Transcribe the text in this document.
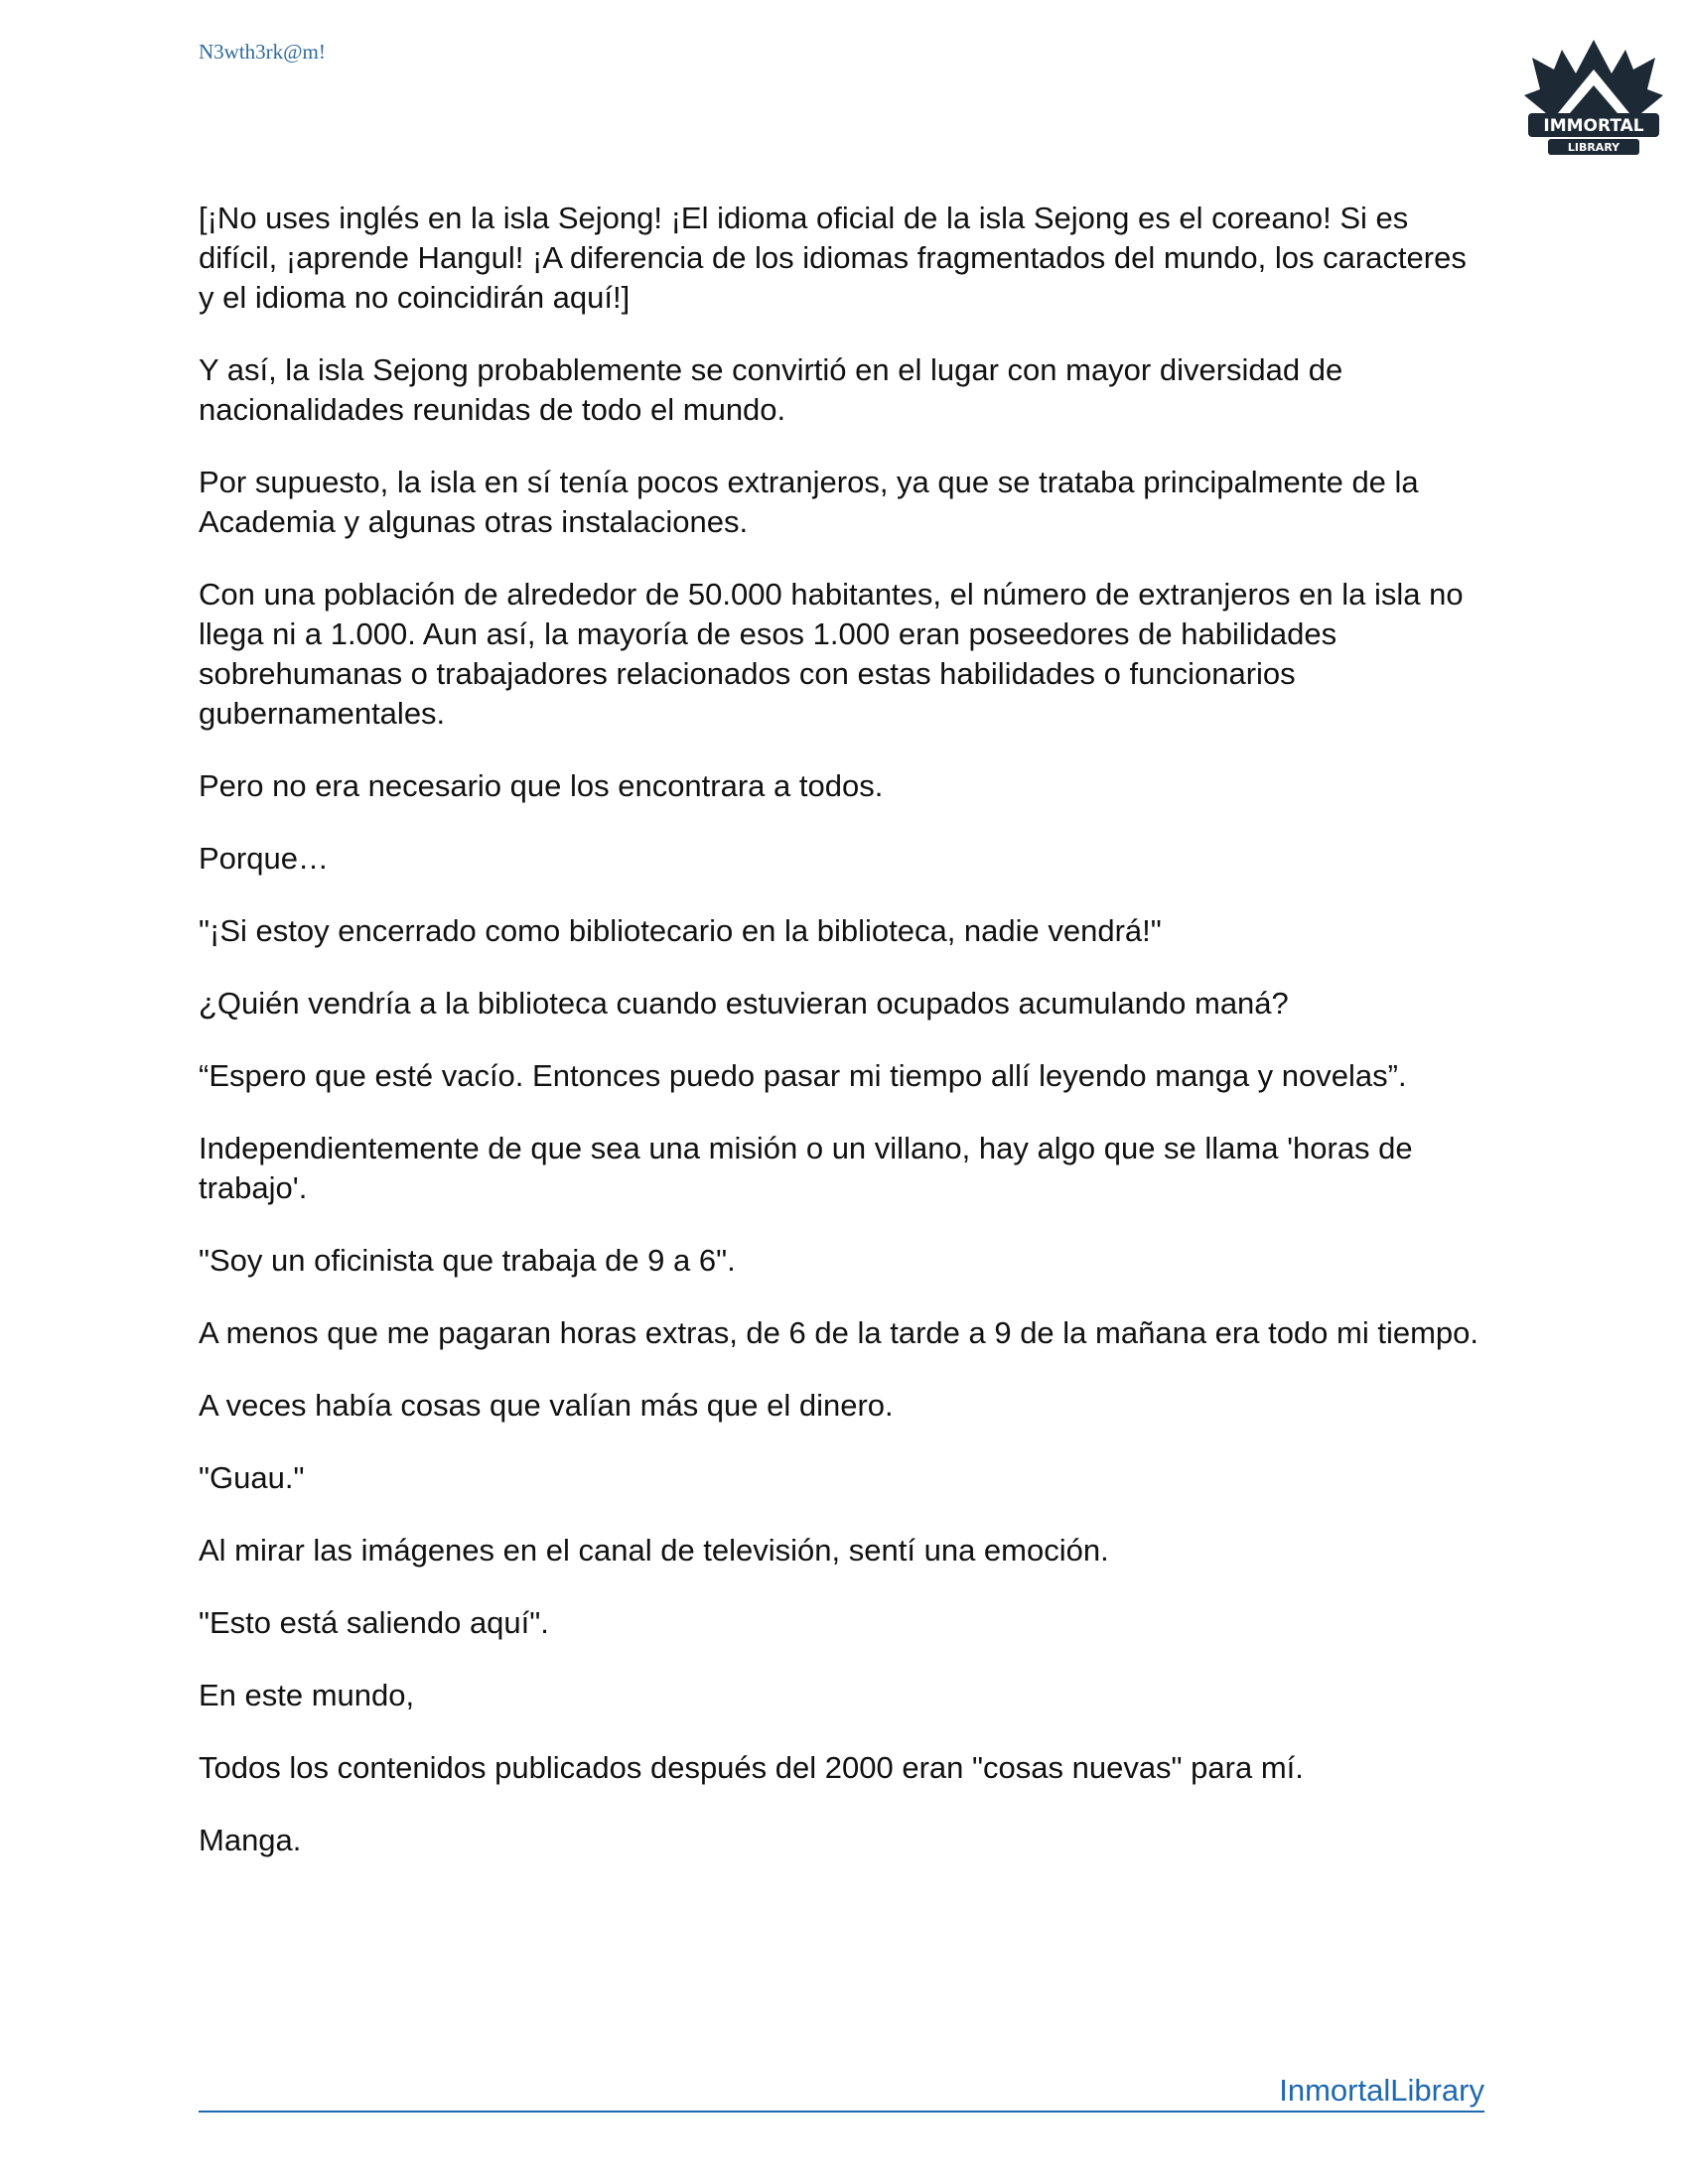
N3wth3rk@m!
IMMORTAL
LIBRARY

[¡No uses inglés en la isla Sejong! ¡El idioma oficial de la isla Sejong es el coreano! Si es difícil, ¡aprende Hangul! ¡A diferencia de los idiomas fragmentados del mundo, los caracteres y el idioma no coincidirán aquí!]

Y así, la isla Sejong probablemente se convirtió en el lugar con mayor diversidad de nacionalidades reunidas de todo el mundo.

Por supuesto, la isla en sí tenía pocos extranjeros, ya que se trataba principalmente de la Academia y algunas otras instalaciones.

Con una población de alrededor de 50.000 habitantes, el número de extranjeros en la isla no llega ni a 1.000. Aun así, la mayoría de esos 1.000 eran poseedores de habilidades sobrehumanas o trabajadores relacionados con estas habilidades o funcionarios gubernamentales.

Pero no era necesario que los encontrara a todos.

Porque…

"¡Si estoy encerrado como bibliotecario en la biblioteca, nadie vendrá!"

¿Quién vendría a la biblioteca cuando estuvieran ocupados acumulando maná?

“Espero que esté vacío. Entonces puedo pasar mi tiempo allí leyendo manga y novelas”.

Independientemente de que sea una misión o un villano, hay algo que se llama 'horas de trabajo'.

"Soy un oficinista que trabaja de 9 a 6".

A menos que me pagaran horas extras, de 6 de la tarde a 9 de la mañana era todo mi tiempo.

A veces había cosas que valían más que el dinero.

"Guau."

Al mirar las imágenes en el canal de televisión, sentí una emoción.

"Esto está saliendo aquí".

En este mundo,

Todos los contenidos publicados después del 2000 eran "cosas nuevas" para mí.

Manga.

InmortalLibrary
